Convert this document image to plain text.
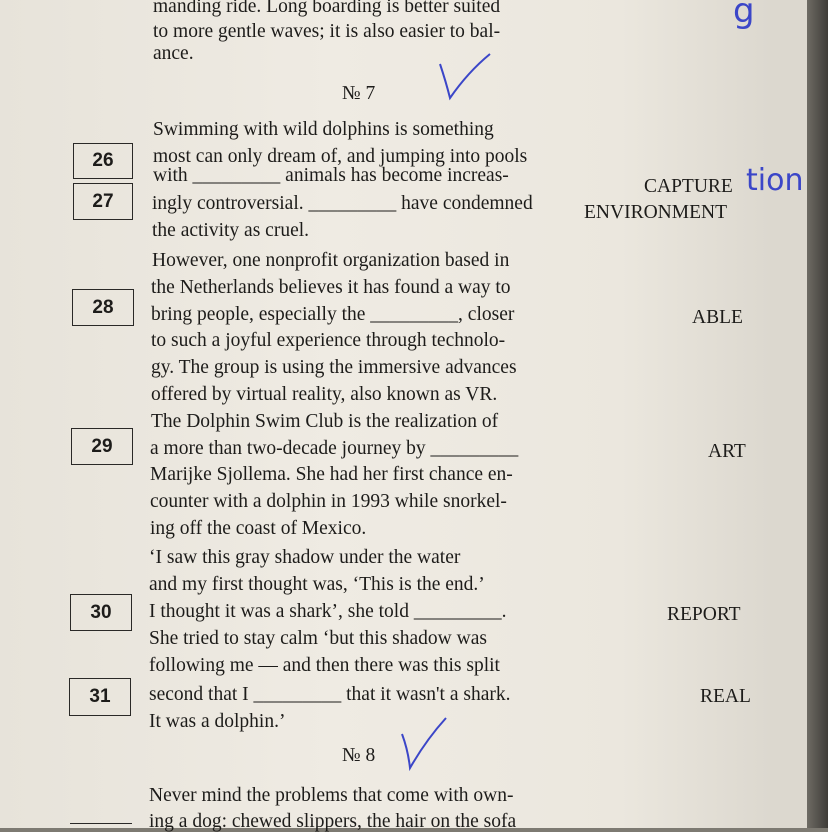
manding ride. Long boarding is better suited
to more gentle waves; it is also easier to bal-
ance.
№ 7
g
Swimming with wild dolphins is something
most can only dream of, and jumping into pools
with _________ animals has become increas-
ingly controversial. _________ have condemned
the activity as cruel.
However, one nonprofit organization based in
the Netherlands believes it has found a way to
bring people, especially the _________, closer
to such a joyful experience through technolo-
gy. The group is using the immersive advances
offered by virtual reality, also known as VR.
The Dolphin Swim Club is the realization of
a more than two-decade journey by _________
Marijke Sjollema. She had her first chance en-
counter with a dolphin in 1993 while snorkel-
ing off the coast of Mexico.
‘I saw this gray shadow under the water
and my first thought was, ‘This is the end.’
I thought it was a shark’, she told _________.
She tried to stay calm ‘but this shadow was
following me — and then there was this split
second that I _________ that it wasn't a shark.
It was a dolphin.’
№ 8
Never mind the problems that come with own-
ing a dog: chewed slippers, the hair on the sofa
26
27
28
29
30
31
CAPTURE tion
ENVIRONMENT
ABLE
ART
REPORT
REAL
